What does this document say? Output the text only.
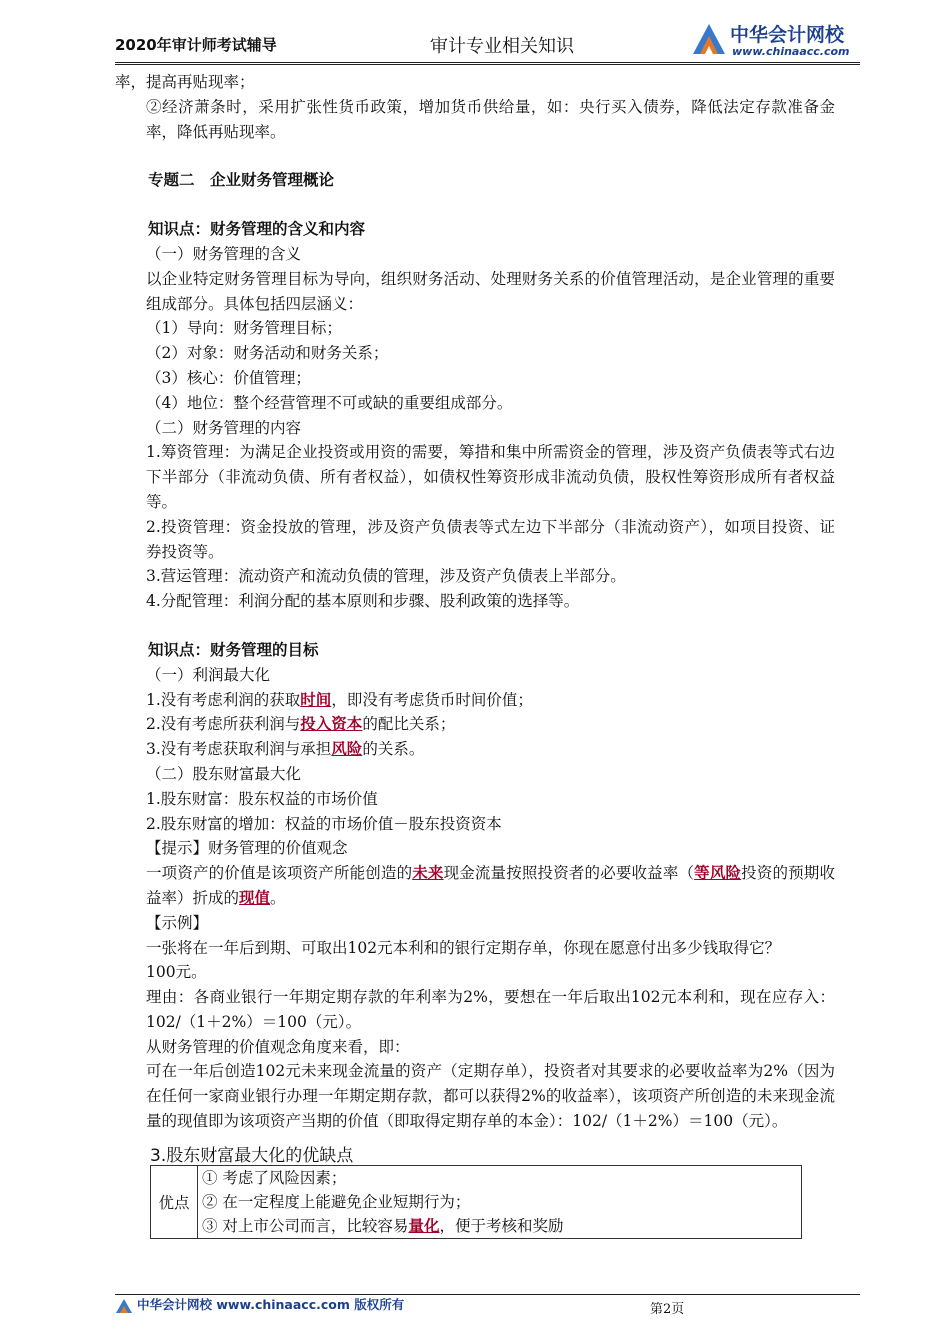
2020年审计师考试辅导	审计专业相关知识
中华会计网校
www.chinaacc.com
率，提高再贴现率；
②经济萧条时，采用扩张性货币政策，增加货币供给量，如：央行买入债券，降低法定存款准备金率，降低再贴现率。
专题二　企业财务管理概论
知识点：财务管理的含义和内容
（一）财务管理的含义
以企业特定财务管理目标为导向，组织财务活动、处理财务关系的价值管理活动，是企业管理的重要组成部分。具体包括四层涵义：
（1）导向：财务管理目标；
（2）对象：财务活动和财务关系；
（3）核心：价值管理；
（4）地位：整个经营管理不可或缺的重要组成部分。
（二）财务管理的内容
1.筹资管理：为满足企业投资或用资的需要，筹措和集中所需资金的管理，涉及资产负债表等式右边下半部分（非流动负债、所有者权益），如债权性筹资形成非流动负债，股权性筹资形成所有者权益等。
2.投资管理：资金投放的管理，涉及资产负债表等式左边下半部分（非流动资产），如项目投资、证券投资等。
3.营运管理：流动资产和流动负债的管理，涉及资产负债表上半部分。
4.分配管理：利润分配的基本原则和步骤、股利政策的选择等。
知识点：财务管理的目标
（一）利润最大化
1.没有考虑利润的获取时间，即没有考虑货币时间价值；
2.没有考虑所获利润与投入资本的配比关系；
3.没有考虑获取利润与承担风险的关系。
（二）股东财富最大化
1.股东财富：股东权益的市场价值
2.股东财富的增加：权益的市场价值－股东投资资本
【提示】财务管理的价值观念
一项资产的价值是该项资产所能创造的未来现金流量按照投资者的必要收益率（等风险投资的预期收益率）折成的现值。
【示例】
一张将在一年后到期、可取出102元本利和的银行定期存单，你现在愿意付出多少钱取得它？
100元。
理由：各商业银行一年期定期存款的年利率为2%，要想在一年后取出102元本利和，现在应存入：102/（1＋2%）＝100（元）。
从财务管理的价值观念角度来看，即：
可在一年后创造102元未来现金流量的资产（定期存单），投资者对其要求的必要收益率为2%（因为在任何一家商业银行办理一年期定期存款，都可以获得2%的收益率），该项资产所创造的未来现金流量的现值即为该项资产当期的价值（即取得定期存单的本金）：102/（1＋2%）＝100（元）。
3.股东财富最大化的优缺点
优点	
① 考虑了风险因素；
② 在一定程度上能避免企业短期行为；
③ 对上市公司而言，比较容易量化，便于考核和奖励
中华会计网校 www.chinaacc.com 版权所有	第2页
